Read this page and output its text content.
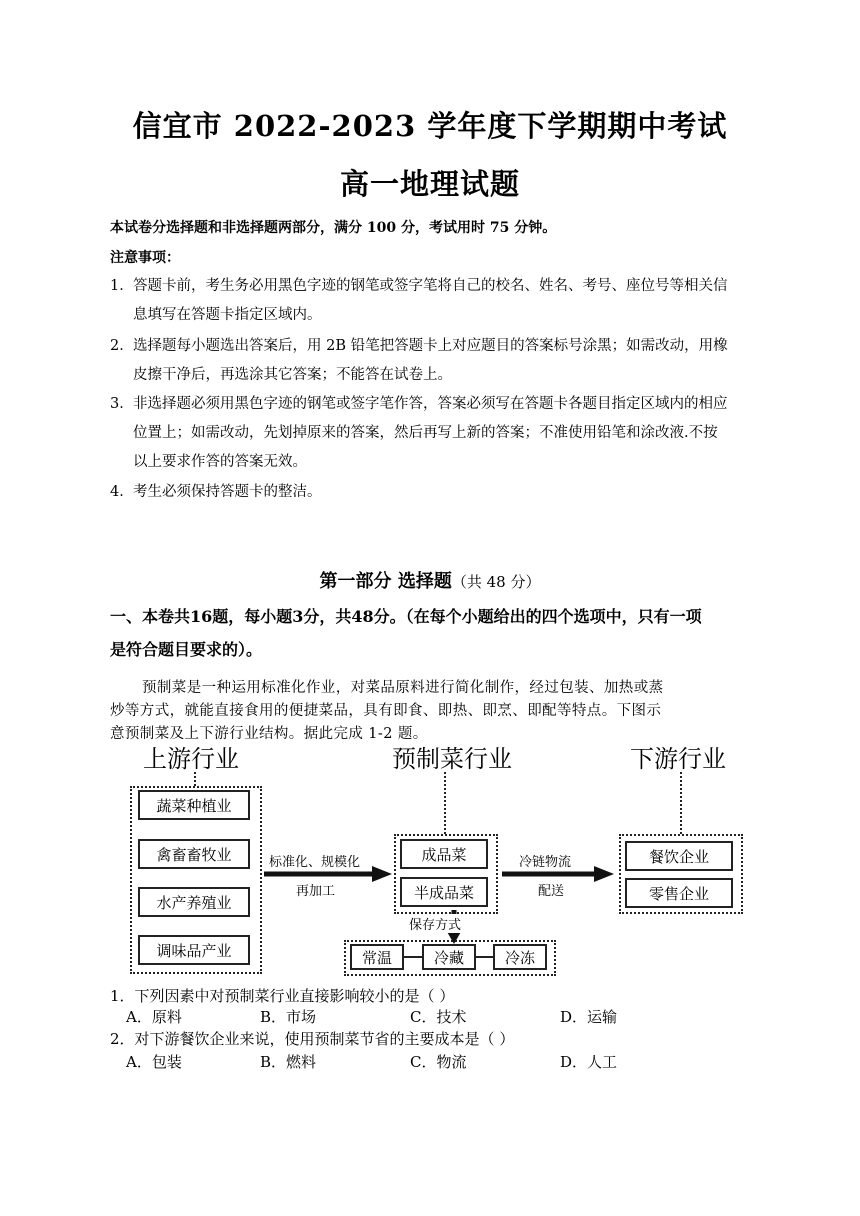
信宜市 2022-2023 学年度下学期期中考试
高一地理试题
本试卷分选择题和非选择题两部分，满分 100 分，考试用时 75 分钟。
注意事项：
1． 答题卡前，考生务必用黑色字迹的钢笔或签字笔将自己的校名、姓名、考号、座位号等相关信
息填写在答题卡指定区域内。
2． 选择题每小题选出答案后，用 2B 铅笔把答题卡上对应题目的答案标号涂黑；如需改动，用橡
皮擦干净后，再选涂其它答案；不能答在试卷上。
3． 非选择题必须用黑色字迹的钢笔或签字笔作答，答案必须写在答题卡各题目指定区域内的相应
位置上；如需改动，先划掉原来的答案，然后再写上新的答案；不准使用铅笔和涂改液.不按
以上要求作答的答案无效。
4． 考生必须保持答题卡的整洁。
第一部分 选择题（共 48 分）
一、本卷共16题，每小题3分，共48分。（在每个小题给出的四个选项中，只有一项
是符合题目要求的）。
预制菜是一种运用标准化作业，对菜品原料进行简化制作，经过包装、加热或蒸
炒等方式，就能直接食用的便捷菜品，具有即食、即热、即烹、即配等特点。下图示
意预制菜及上下游行业结构。据此完成 1-2 题。
上游行业	预制菜行业	下游行业
蔬菜种植业
禽畜畜牧业
水产养殖业
调味品产业
标准化、规模化
再加工
成品菜
半成品菜
冷链物流
配送
餐饮企业
零售企业
保存方式
常温	冷藏	冷冻
1．下列因素中对预制菜行业直接影响较小的是（ ）
A．原料	B．市场	C．技术	D．运输
2．对下游餐饮企业来说，使用预制菜节省的主要成本是（ ）
A．包装	B．燃料	C．物流	D．人工
